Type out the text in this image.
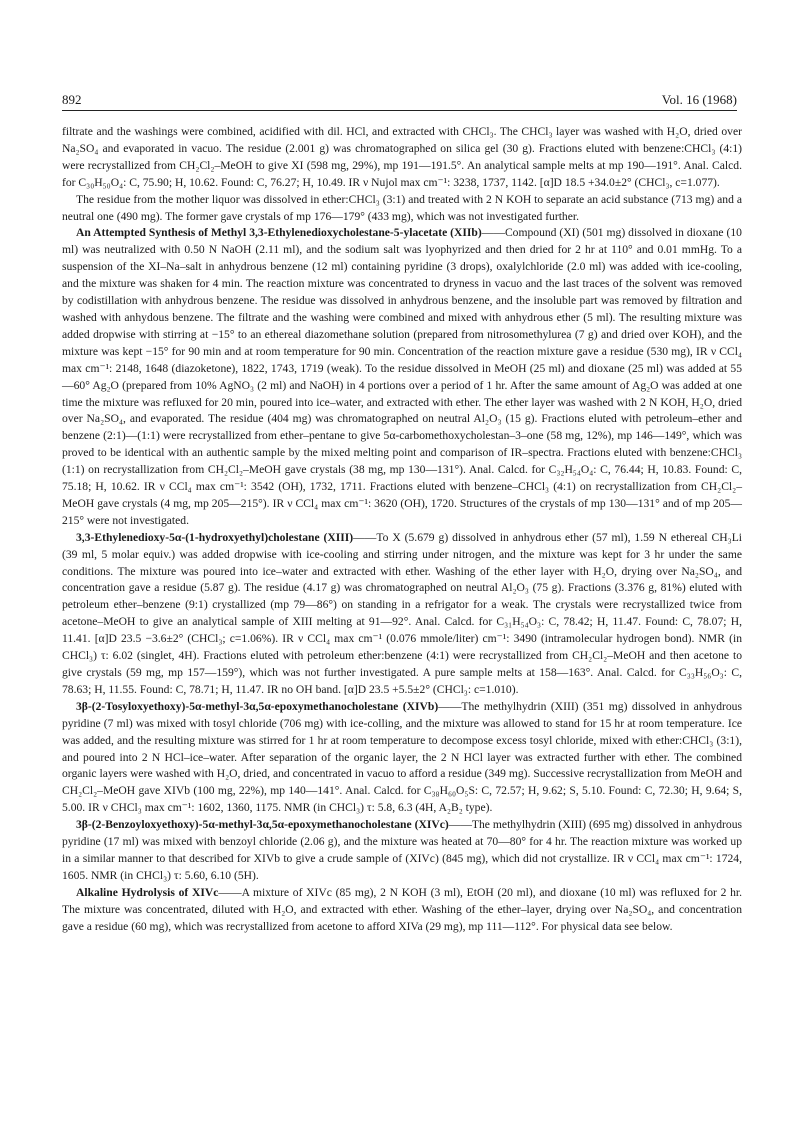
892	Vol. 16 (1968)

filtrate and the washings were combined, acidified with dil. HCl, and extracted with CHCl₃. The CHCl₃ layer was washed with H₂O, dried over Na₂SO₄ and evaporated in vacuo. The residue (2.001 g) was chromatographed on silica gel (30 g). Fractions eluted with benzene:CHCl₃ (4:1) were recrystallized from CH₂Cl₂–MeOH to give XI (598 mg, 29%), mp 191—191.5°. An analytical sample melts at mp 190—191°. Anal. Calcd. for C₃₀H₅₀O₄: C, 75.90; H, 10.62. Found: C, 76.27; H, 10.49. IR ν Nujol max cm⁻¹: 3238, 1737, 1142. [α]D 18.5 +34.0±2° (CHCl₃, c=1.077).

The residue from the mother liquor was dissolved in ether:CHCl₃ (3:1) and treated with 2 N KOH to separate an acid substance (713 mg) and a neutral one (490 mg). The former gave crystals of mp 176—179° (433 mg), which was not investigated further.

An Attempted Synthesis of Methyl 3,3-Ethylenedioxycholestane-5-ylacetate (XIIb)——Compound (XI) (501 mg) dissolved in dioxane (10 ml) was neutralized with 0.50 N NaOH (2.11 ml), and the sodium salt was lyophyrized and then dried for 2 hr at 110° and 0.01 mmHg. To a suspension of the XI–Na–salt in anhydrous benzene (12 ml) containing pyridine (3 drops), oxalylchloride (2.0 ml) was added with ice-cooling, and the mixture was shaken for 4 min. The reaction mixture was concentrated to dryness in vacuo and the last traces of the solvent was removed by codistillation with anhydrous benzene. The residue was dissolved in anhydrous benzene, and the insoluble part was removed by filtration and washed with anhydous benzene. The filtrate and the washing were combined and mixed with anhydrous ether (5 ml). The resulting mixture was added dropwise with stirring at −15° to an ethereal diazomethane solution (prepared from nitrosomethylurea (7 g) and dried over KOH), and the mixture was kept −15° for 90 min and at room temperature for 90 min. Concentration of the reaction mixture gave a residue (530 mg), IR ν CCl₄ max cm⁻¹: 2148, 1648 (diazoketone), 1822, 1743, 1719 (weak). To the residue dissolved in MeOH (25 ml) and dioxane (25 ml) was added at 55—60° Ag₂O (prepared from 10% AgNO₃ (2 ml) and NaOH) in 4 portions over a period of 1 hr. After the same amount of Ag₂O was added at one time the mixture was refluxed for 20 min, poured into ice–water, and extracted with ether. The ether layer was washed with 2 N KOH, H₂O, dried over Na₂SO₄, and evaporated. The residue (404 mg) was chromatographed on neutral Al₂O₃ (15 g). Fractions eluted with petroleum–ether and benzene (2:1)—(1:1) were recrystallized from ether–pentane to give 5α-carbomethoxycholestan–3–one (58 mg, 12%), mp 146—149°, which was proved to be identical with an authentic sample by the mixed melting point and comparison of IR–spectra. Fractions eluted with benzene:CHCl₃ (1:1) on recrystallization from CH₂Cl₂–MeOH gave crystals (38 mg, mp 130—131°). Anal. Calcd. for C₃₂H₅₄O₄: C, 76.44; H, 10.83. Found: C, 75.18; H, 10.62. IR ν CCl₄ max cm⁻¹: 3542 (OH), 1732, 1711. Fractions eluted with benzene–CHCl₃ (4:1) on recrystallization from CH₂Cl₂–MeOH gave crystals (4 mg, mp 205—215°). IR ν CCl₄ max cm⁻¹: 3620 (OH), 1720. Structures of the crystals of mp 130—131° and of mp 205—215° were not investigated.

3,3-Ethylenedioxy-5α-(1-hydroxyethyl)cholestane (XIII)——To X (5.679 g) dissolved in anhydrous ether (57 ml), 1.59 N ethereal CH₃Li (39 ml, 5 molar equiv.) was added dropwise with ice-cooling and stirring under nitrogen, and the mixture was kept for 3 hr under the same conditions. The mixture was poured into ice–water and extracted with ether. Washing of the ether layer with H₂O, drying over Na₂SO₄, and concentration gave a residue (5.87 g). The residue (4.17 g) was chromatographed on neutral Al₂O₃ (75 g). Fractions (3.376 g, 81%) eluted with petroleum ether–benzene (9:1) crystallized (mp 79—86°) on standing in a refrigator for a weak. The crystals were recrystallized twice from acetone–MeOH to give an analytical sample of XIII melting at 91—92°. Anal. Calcd. for C₃₁H₅₄O₃: C, 78.42; H, 11.47. Found: C, 78.07; H, 11.41. [α]D 23.5 −3.6±2° (CHCl₃; c=1.06%). IR ν CCl₄ max cm⁻¹ (0.076 mmole/liter) cm⁻¹: 3490 (intramolecular hydrogen bond). NMR (in CHCl₃) τ: 6.02 (singlet, 4H). Fractions eluted with petroleum ether:benzene (4:1) were recrystallized from CH₂Cl₂–MeOH and then acetone to give crystals (59 mg, mp 157—159°), which was not further investigated. A pure sample melts at 158—163°. Anal. Calcd. for C₃₃H₅₆O₃: C, 78.63; H, 11.55. Found: C, 78.71; H, 11.47. IR no OH band. [α]D 23.5 +5.5±2° (CHCl₃: c=1.010).

3β-(2-Tosyloxyethoxy)-5α-methyl-3α,5α-epoxymethanocholestane (XIVb)——The methylhydrin (XIII) (351 mg) dissolved in anhydrous pyridine (7 ml) was mixed with tosyl chloride (706 mg) with ice-colling, and the mixture was allowed to stand for 15 hr at room temperature. Ice was added, and the resulting mixture was stirred for 1 hr at room temperature to decompose excess tosyl chloride, mixed with ether:CHCl₃ (3:1), and poured into 2 N HCl–ice–water. After separation of the organic layer, the 2 N HCl layer was extracted further with ether. The combined organic layers were washed with H₂O, dried, and concentrated in vacuo to afford a residue (349 mg). Successive recrystallization from MeOH and CH₂Cl₂–MeOH gave XIVb (100 mg, 22%), mp 140—141°. Anal. Calcd. for C₃₈H₆₀O₅S: C, 72.57; H, 9.62; S, 5.10. Found: C, 72.30; H, 9.64; S, 5.00. IR ν CHCl₃ max cm⁻¹: 1602, 1360, 1175. NMR (in CHCl₃) τ: 5.8, 6.3 (4H, A₂B₂ type).

3β-(2-Benzoyloxyethoxy)-5α-methyl-3α,5α-epoxymethanocholestane (XIVc)——The methylhydrin (XIII) (695 mg) dissolved in anhydrous pyridine (17 ml) was mixed with benzoyl chloride (2.06 g), and the mixture was heated at 70—80° for 4 hr. The reaction mixture was worked up in a similar manner to that described for XIVb to give a crude sample of (XIVc) (845 mg), which did not crystallize. IR ν CCl₄ max cm⁻¹: 1724, 1605. NMR (in CHCl₃) τ: 5.60, 6.10 (5H).

Alkaline Hydrolysis of XIVc——A mixture of XIVc (85 mg), 2 N KOH (3 ml), EtOH (20 ml), and dioxane (10 ml) was refluxed for 2 hr. The mixture was concentrated, diluted with H₂O, and extracted with ether. Washing of the ether–layer, drying over Na₂SO₄, and concentration gave a residue (60 mg), which was recrystallized from acetone to afford XIVa (29 mg), mp 111—112°. For physical data see below.
